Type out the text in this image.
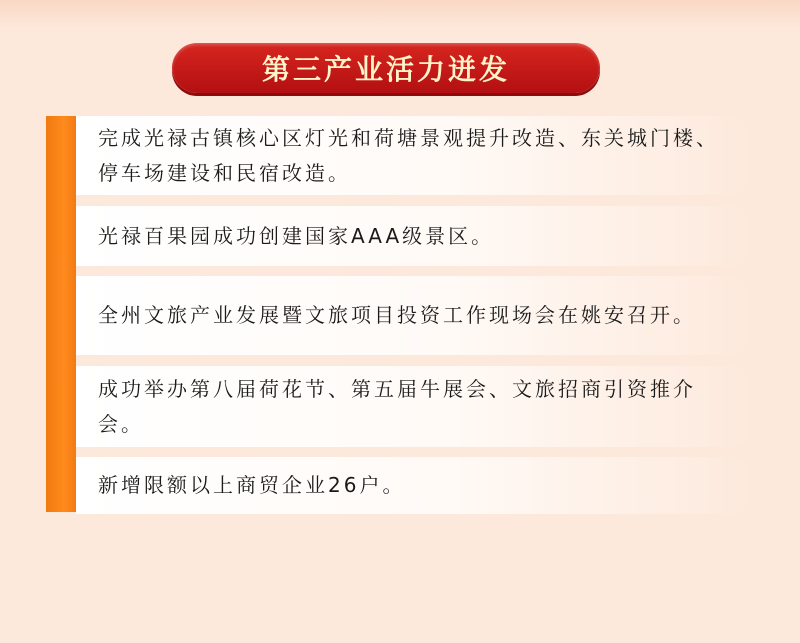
第三产业活力迸发
完成光禄古镇核心区灯光和荷塘景观提升改造、东关城门楼、停车场建设和民宿改造。
光禄百果园成功创建国家AAA级景区。
全州文旅产业发展暨文旅项目投资工作现场会在姚安召开。
成功举办第八届荷花节、第五届牛展会、文旅招商引资推介会。
新增限额以上商贸企业26户。
